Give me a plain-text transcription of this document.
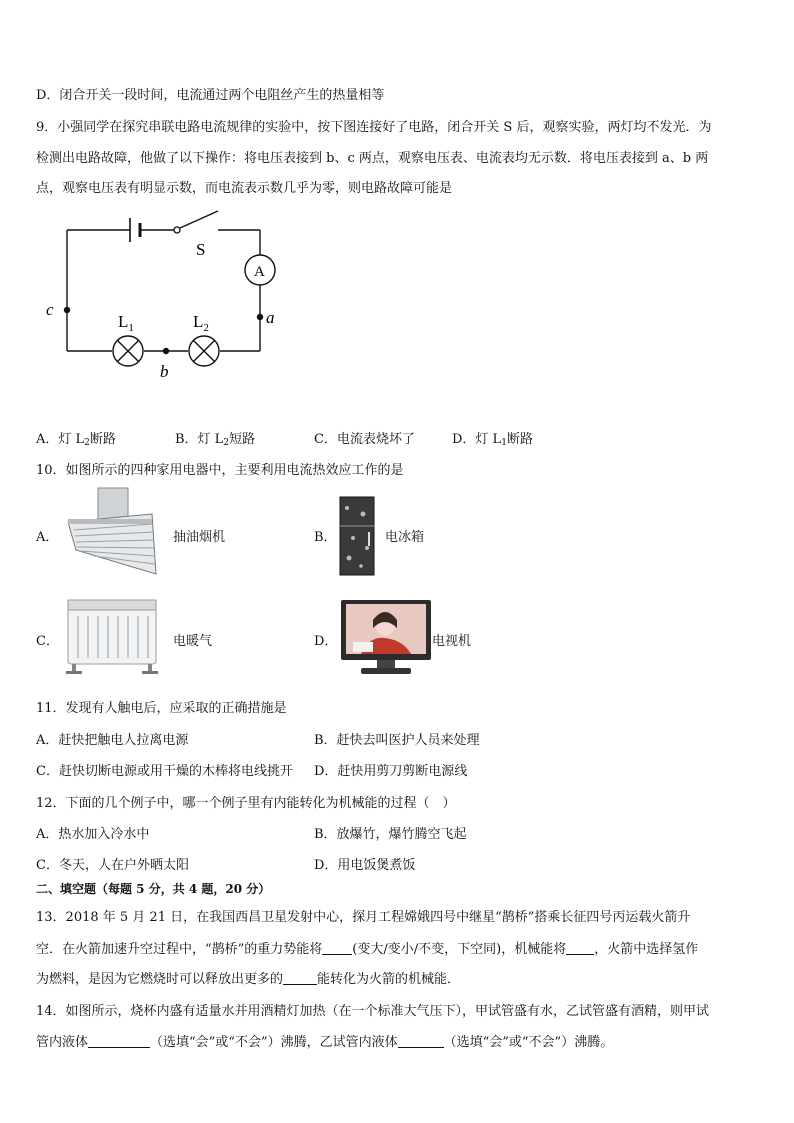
D．闭合开关一段时间，电流通过两个电阻丝产生的热量相等
9．小强同学在探究串联电路电流规律的实验中，按下图连接好了电路，闭合开关 S 后，观察实验，两灯均不发光．为
检测出电路故障，他做了以下操作：将电压表接到 b、c 两点，观察电压表、电流表均无示数．将电压表接到 a、b 两
点，观察电压表有明显示数，而电流表示数几乎为零，则电路故障可能是
S
A
$L_1$	$L_2$
a
b
c
A．灯 $L_2$断路	B．灯 $L_2$短路	C．电流表烧坏了	D．灯 $L_1$断路
10．如图所示的四种家用电器中，主要利用电流热效应工作的是
A．	抽油烟机	B．	电冰箱
C．	电暖气	D．	电视机
11．发现有人触电后，应采取的正确措施是
A．赶快把触电人拉离电源	B．赶快去叫医护人员来处理
C．赶快切断电源或用干燥的木棒将电线挑开 D．赶快用剪刀剪断电源线
12．下面的几个例子中，哪一个例子里有内能转化为机械能的过程（　）
A．热水加入冷水中	B．放爆竹，爆竹腾空飞起
C．冬天，人在户外晒太阳	D．用电饭煲煮饭
二、填空题（每题 5 分，共 4 题，20 分）
13．2018 年 5 月 21 日，在我国西昌卫星发射中心，探月工程嫦娥四号中继星“鹊桥”搭乘长征四号丙运载火箭升
空．在火箭加速升空过程中，“鹊桥”的重力势能将 (变大/变小/不变，下空同)，机械能将 ，火箭中选择氢作
为燃料，是因为它燃烧时可以释放出更多的	能转化为火箭的机械能．
14．如图所示，烧杯内盛有适量水并用酒精灯加热（在一个标准大气压下），甲试管盛有水，乙试管盛有酒精，则甲试
管内液体	（选填“会”或“不会”）沸腾，乙试管内液体	（选填“会”或“不会”）沸腾。
